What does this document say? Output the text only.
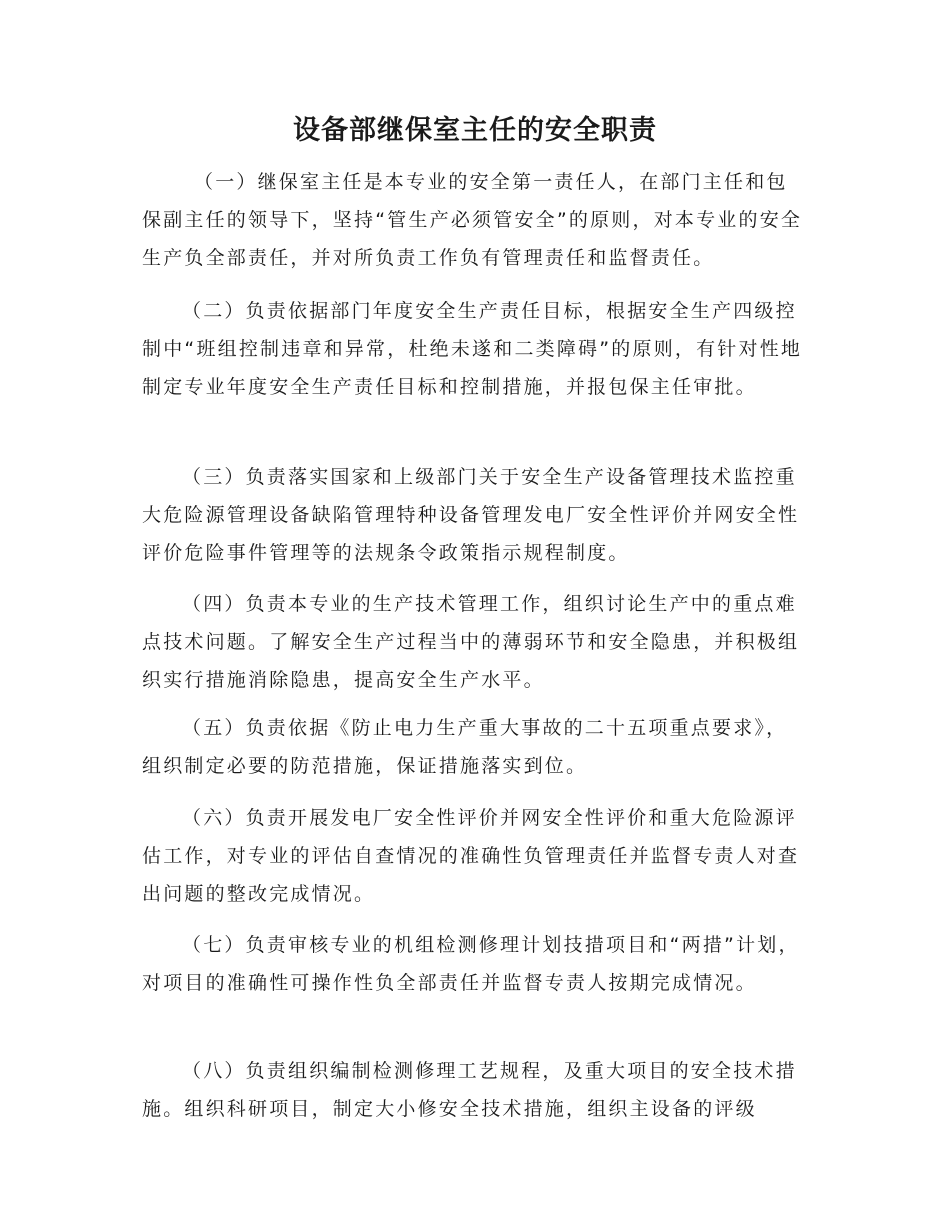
设备部继保室主任的安全职责

（一）继保室主任是本专业的安全第一责任人，在部门主任和包保副主任的领导下，坚持“管生产必须管安全”的原则，对本专业的安全生产负全部责任，并对所负责工作负有管理责任和监督责任。

（二）负责依据部门年度安全生产责任目标，根据安全生产四级控制中“班组控制违章和异常，杜绝未遂和二类障碍”的原则，有针对性地制定专业年度安全生产责任目标和控制措施，并报包保主任审批。

（三）负责落实国家和上级部门关于安全生产设备管理技术监控重大危险源管理设备缺陷管理特种设备管理发电厂安全性评价并网安全性评价危险事件管理等的法规条令政策指示规程制度。

（四）负责本专业的生产技术管理工作，组织讨论生产中的重点难点技术问题。了解安全生产过程当中的薄弱环节和安全隐患，并积极组织实行措施消除隐患，提高安全生产水平。

（五）负责依据《防止电力生产重大事故的二十五项重点要求》，组织制定必要的防范措施，保证措施落实到位。

（六）负责开展发电厂安全性评价并网安全性评价和重大危险源评估工作，对专业的评估自查情况的准确性负管理责任并监督专责人对查出问题的整改完成情况。

（七）负责审核专业的机组检测修理计划技措项目和“两措”计划，对项目的准确性可操作性负全部责任并监督专责人按期完成情况。

（八）负责组织编制检测修理工艺规程，及重大项目的安全技术措施。组织科研项目，制定大小修安全技术措施，组织主设备的评级
